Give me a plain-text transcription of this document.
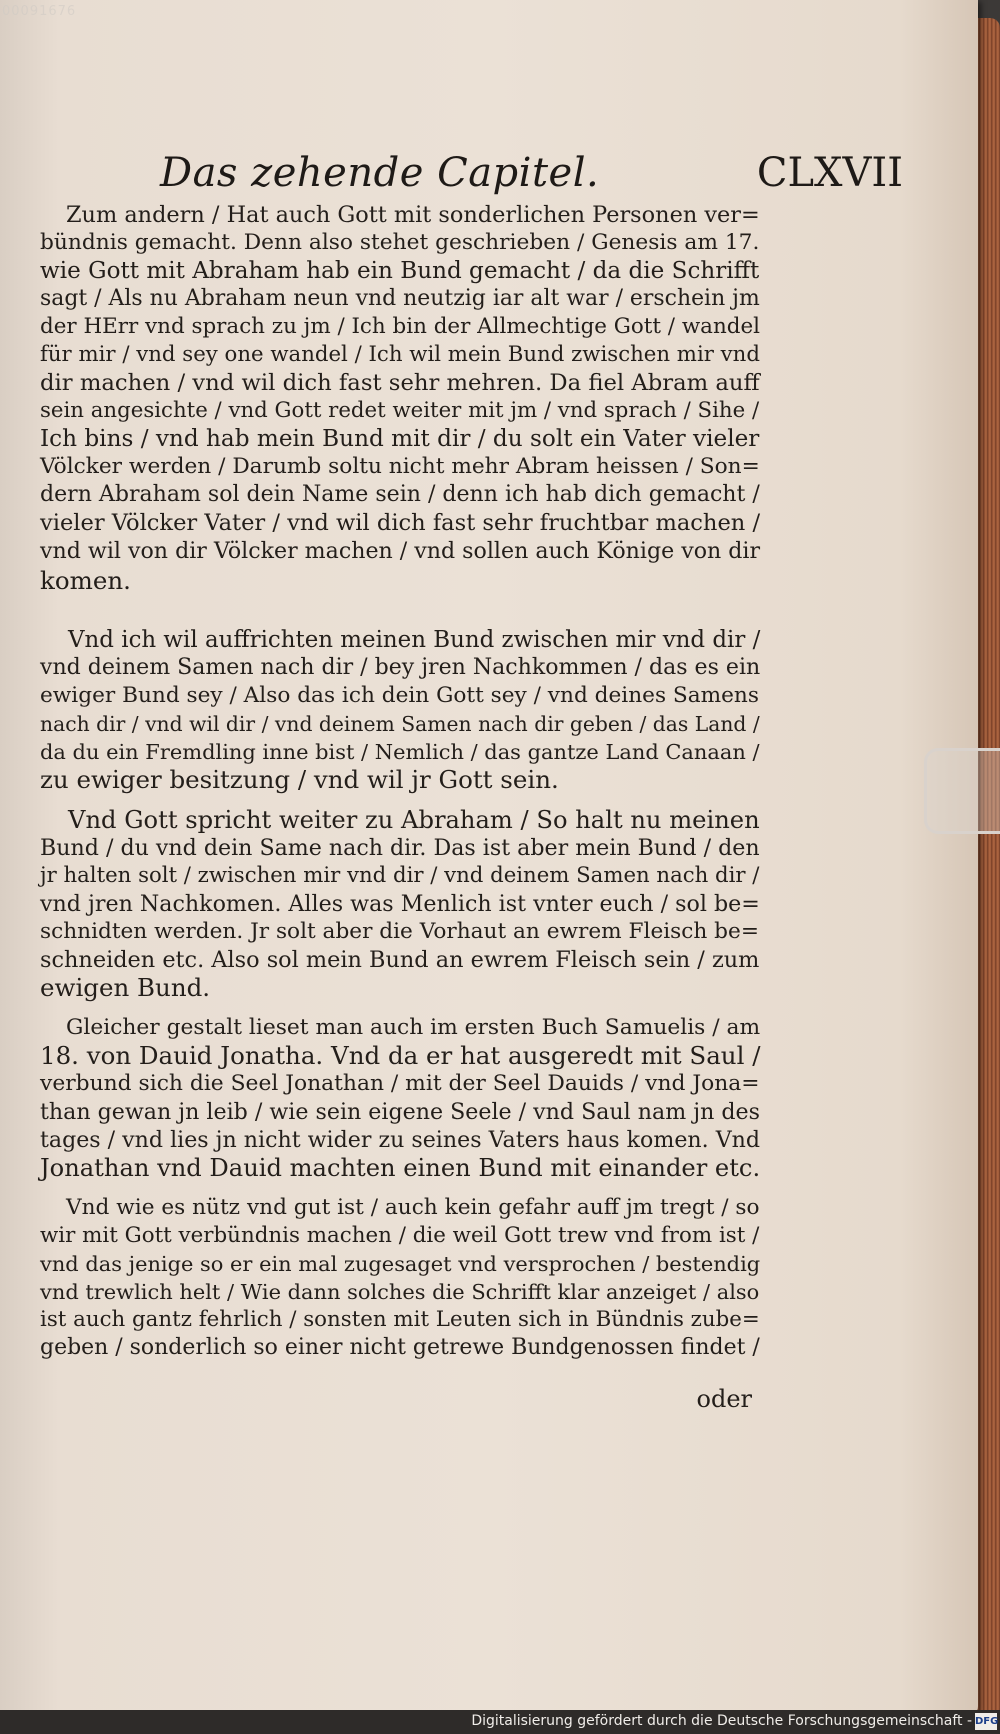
00091676
Das zehende Capitel.	CLXVII
Zum andern / Hat auch Gott mit sonderlichen Personen ver=
bündnis gemacht. Denn also stehet geschrieben / Genesis am 17.
wie Gott mit Abraham hab ein Bund gemacht / da die Schrifft
sagt / Als nu Abraham neun vnd neutzig iar alt war / erschein jm
der HErr vnd sprach zu jm / Ich bin der Allmechtige Gott / wandel
für mir / vnd sey one wandel / Ich wil mein Bund zwischen mir vnd
dir machen / vnd wil dich fast sehr mehren. Da fiel Abram auff
sein angesichte / vnd Gott redet weiter mit jm / vnd sprach / Sihe /
Ich bins / vnd hab mein Bund mit dir / du solt ein Vater vieler
Völcker werden / Darumb soltu nicht mehr Abram heissen / Son=
dern Abraham sol dein Name sein / denn ich hab dich gemacht /
vieler Völcker Vater / vnd wil dich fast sehr fruchtbar machen /
vnd wil von dir Völcker machen / vnd sollen auch Könige von dir
komen.
Vnd ich wil auffrichten meinen Bund zwischen mir vnd dir /
vnd deinem Samen nach dir / bey jren Nachkommen / das es ein
ewiger Bund sey / Also das ich dein Gott sey / vnd deines Samens
nach dir / vnd wil dir / vnd deinem Samen nach dir geben / das Land /
da du ein Fremdling inne bist / Nemlich / das gantze Land Canaan /
zu ewiger besitzung / vnd wil jr Gott sein.
Vnd Gott spricht weiter zu Abraham / So halt nu meinen
Bund / du vnd dein Same nach dir. Das ist aber mein Bund / den
jr halten solt / zwischen mir vnd dir / vnd deinem Samen nach dir /
vnd jren Nachkomen. Alles was Menlich ist vnter euch / sol be=
schnidten werden. Jr solt aber die Vorhaut an ewrem Fleisch be=
schneiden etc. Also sol mein Bund an ewrem Fleisch sein / zum
ewigen Bund.
Gleicher gestalt lieset man auch im ersten Buch Samuelis / am
18. von Dauid Jonatha. Vnd da er hat ausgeredt mit Saul /
verbund sich die Seel Jonathan / mit der Seel Dauids / vnd Jona=
than gewan jn leib / wie sein eigene Seele / vnd Saul nam jn des
tages / vnd lies jn nicht wider zu seines Vaters haus komen. Vnd
Jonathan vnd Dauid machten einen Bund mit einander etc.
Vnd wie es nütz vnd gut ist / auch kein gefahr auff jm tregt / so
wir mit Gott verbündnis machen / die weil Gott trew vnd from ist /
vnd das jenige so er ein mal zugesaget vnd versprochen / bestendig
vnd trewlich helt / Wie dann solches die Schrifft klar anzeiget / also
ist auch gantz fehrlich / sonsten mit Leuten sich in Bündnis zube=
geben / sonderlich so einer nicht getrewe Bundgenossen findet /
oder
Digitalisierung gefördert durch die Deutsche Forschungsgemeinschaft - DFG
